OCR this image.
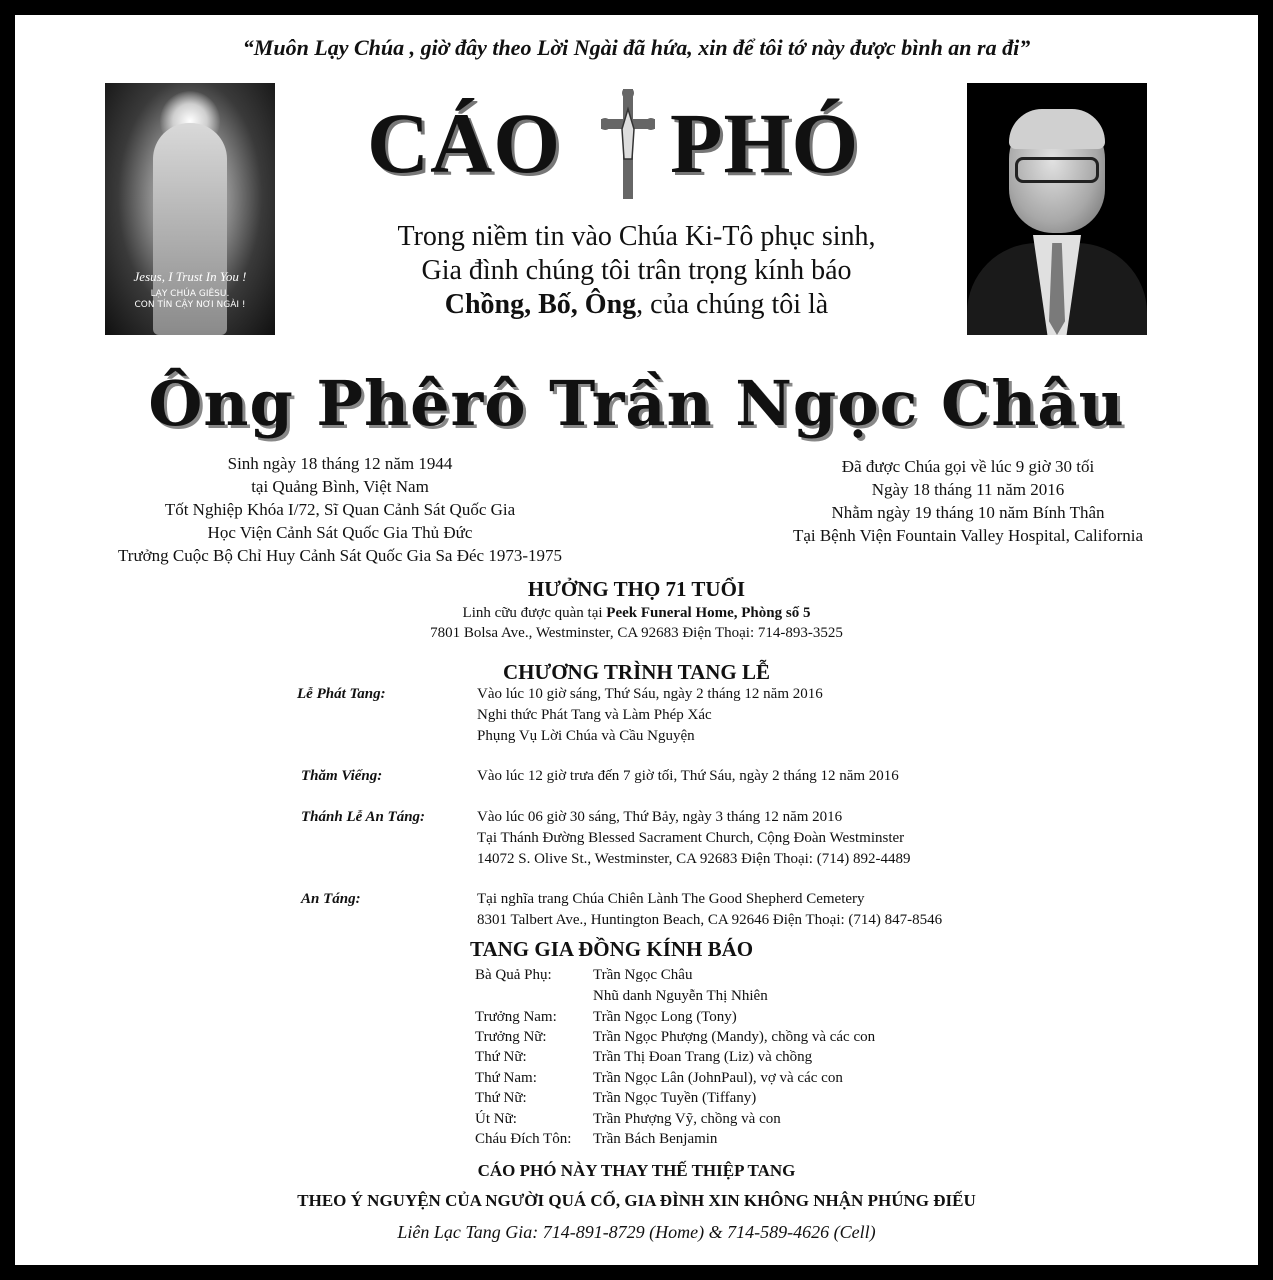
“Muôn Lạy Chúa , giờ đây theo Lời Ngài đã hứa, xin để tôi tớ này được bình an ra đi”
Jesus, I Trust In You !
LẠY CHÚA GIÊSU.
CON TÍN CẬY NƠI NGÀI !
CÁO PHÓ
Trong niềm tin vào Chúa Ki-Tô phục sinh,
Gia đình chúng tôi trân trọng kính báo
Chồng, Bố, Ông, của chúng tôi là
Ông Phêrô Trần Ngọc Châu
Sinh ngày 18 tháng 12 năm 1944
tại Quảng Bình, Việt Nam
Tốt Nghiệp Khóa I/72, Sĩ Quan Cảnh Sát Quốc Gia
Học Viện Cảnh Sát Quốc Gia Thủ Đức
Trưởng Cuộc Bộ Chỉ Huy Cảnh Sát Quốc Gia Sa Đéc 1973-1975
Đã được Chúa gọi về lúc 9 giờ 30 tối
Ngày 18 tháng 11 năm 2016
Nhằm ngày 19 tháng 10 năm Bính Thân
Tại Bệnh Viện Fountain Valley Hospital, California
HƯỞNG THỌ 71 TUỔI
Linh cữu được quàn tại Peek Funeral Home, Phòng số 5
7801 Bolsa Ave., Westminster, CA 92683 Điện Thoại: 714-893-3525
CHƯƠNG TRÌNH TANG LỄ
Lễ Phát Tang:	Vào lúc 10 giờ sáng, Thứ Sáu, ngày 2 tháng 12 năm 2016
Nghi thức Phát Tang và Làm Phép Xác
Phụng Vụ Lời Chúa và Cầu Nguyện
Thăm Viếng:	Vào lúc 12 giờ trưa đến 7 giờ tối, Thứ Sáu, ngày 2 tháng 12 năm 2016
Thánh Lễ An Táng:	Vào lúc 06 giờ 30 sáng, Thứ Bảy, ngày 3 tháng 12 năm 2016
Tại Thánh Đường Blessed Sacrament Church, Cộng Đoàn Westminster
14072 S. Olive St., Westminster, CA 92683 Điện Thoại: (714) 892-4489
An Táng:	Tại nghĩa trang Chúa Chiên Lành The Good Shepherd Cemetery
8301 Talbert Ave., Huntington Beach, CA 92646 Điện Thoại: (714) 847-8546
TANG GIA ĐỒNG KÍNH BÁO
Bà Quả Phụ:	Trần Ngọc Châu
Nhũ danh Nguyễn Thị Nhiên
Trưởng Nam: Trần Ngọc Long (Tony)
Trưởng Nữ:	Trần Ngọc Phượng (Mandy), chồng và các con
Thứ Nữ:	Trần Thị Đoan Trang (Liz) và chồng
Thứ Nam:	Trần Ngọc Lân (JohnPaul), vợ và các con
Thứ Nữ:	Trần Ngọc Tuyền (Tiffany)
Út Nữ:	Trần Phượng Vỹ, chồng và con
Cháu Đích Tôn: Trần Bách Benjamin
CÁO PHÓ NÀY THAY THẾ THIỆP TANG
THEO Ý NGUYỆN CỦA NGƯỜI QUÁ CỐ, GIA ĐÌNH XIN KHÔNG NHẬN PHÚNG ĐIẾU
Liên Lạc Tang Gia: 714-891-8729 (Home) & 714-589-4626 (Cell)
